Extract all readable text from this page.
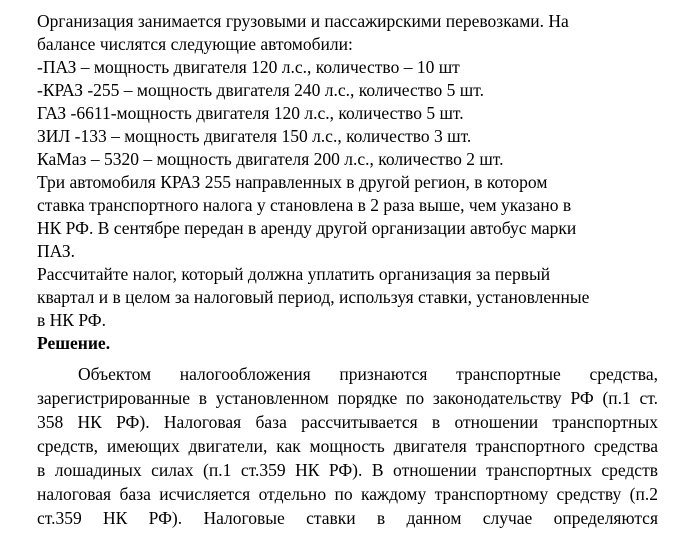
Организация занимается грузовыми и пассажирскими перевозками. На
балансе числятся следующие автомобили:
-ПАЗ – мощность двигателя 120 л.с., количество – 10 шт
-КРАЗ -255 – мощность двигателя 240 л.с., количество 5 шт.
ГАЗ -6611-мощность двигателя 120 л.с., количество 5 шт.
ЗИЛ -133 – мощность двигателя 150 л.с., количество 3 шт.
КаМаз – 5320 – мощность двигателя 200 л.с., количество 2 шт.
Три автомобиля КРАЗ 255 направленных в другой регион, в котором
ставка транспортного налога у становлена в 2 раза выше, чем указано в
НК РФ. В сентябре передан в аренду другой организации автобус марки
ПАЗ.
Рассчитайте налог, который должна уплатить организация за первый
квартал и в целом за налоговый период, используя ставки, установленные
в НК РФ.
Решение.
Объектом налогообложения признаются транспортные средства,
зарегистрированные в установленном порядке по законодательству РФ (п.1 ст.
358 НК РФ). Налоговая база рассчитывается в отношении транспортных
средств, имеющих двигатели, как мощность двигателя транспортного средства
в лошадиных силах (п.1 ст.359 НК РФ). В отношении транспортных средств
налоговая база исчисляется отдельно по каждому транспортному средству (п.2
ст.359 НК РФ). Налоговые ставки в данном случае определяются
